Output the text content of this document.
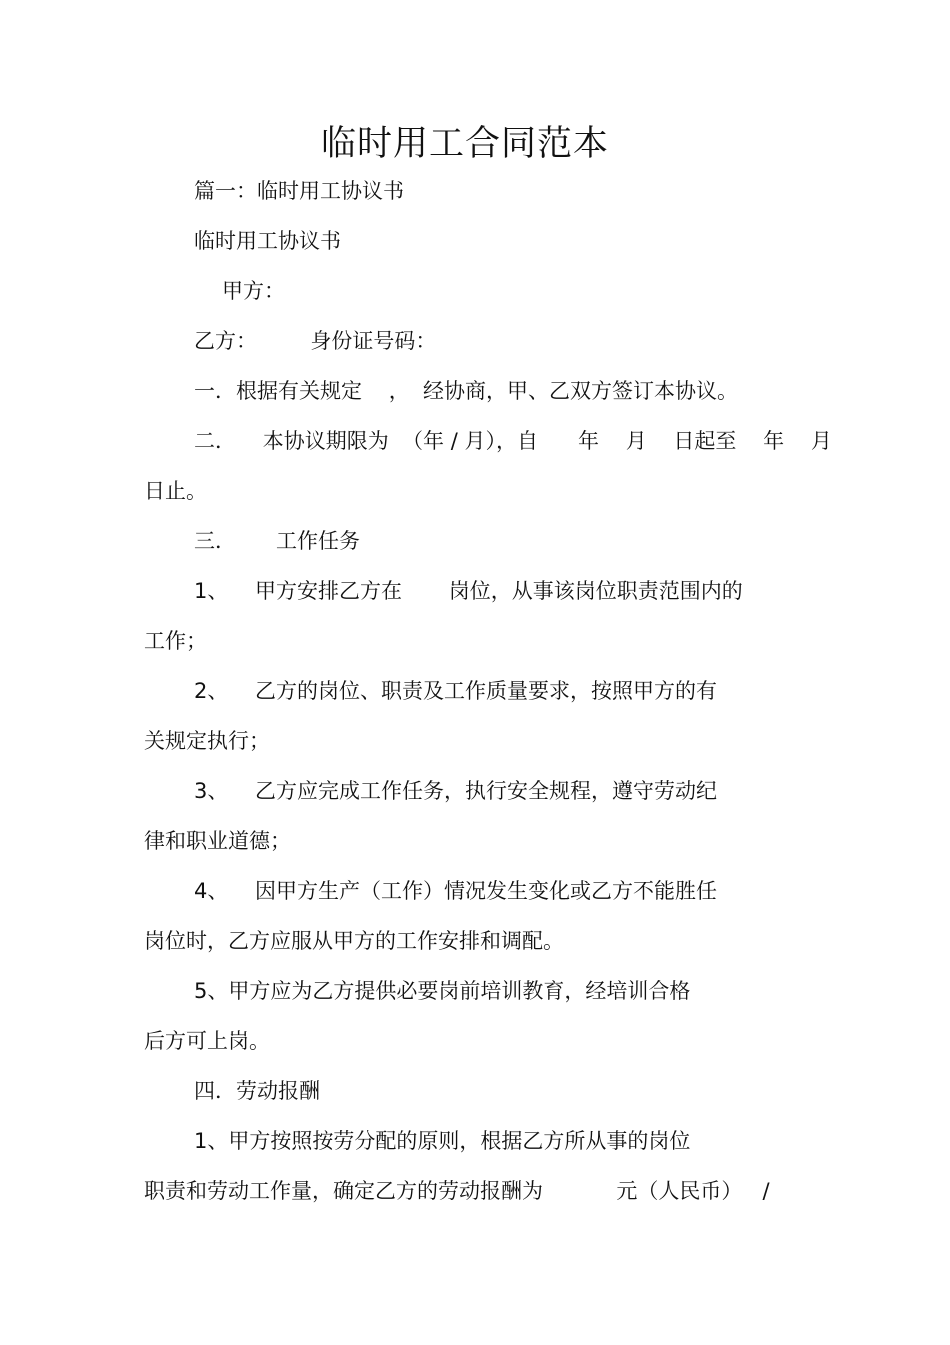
临时用工合同范本
篇一：临时用工协议书
临时用工协议书
甲方：
乙方：        身份证号码：
一．根据有关规定    ，  经协商，甲、乙双方签订本协议。
二．    本协议期限为  （年 / 月），自      年    月    日起至    年    月
日止。
三．      工作任务
1、    甲方安排乙方在       岗位，从事该岗位职责范围内的
工作；
2、    乙方的岗位、职责及工作质量要求，按照甲方的有
关规定执行；
3、    乙方应完成工作任务，执行安全规程，遵守劳动纪
律和职业道德；
4、    因甲方生产（工作）情况发生变化或乙方不能胜任
岗位时，乙方应服从甲方的工作安排和调配。
5、甲方应为乙方提供必要岗前培训教育，经培训合格
后方可上岗。
四．劳动报酬
1、甲方按照按劳分配的原则，根据乙方所从事的岗位
职责和劳动工作量，确定乙方的劳动报酬为           元（人民币）   /
